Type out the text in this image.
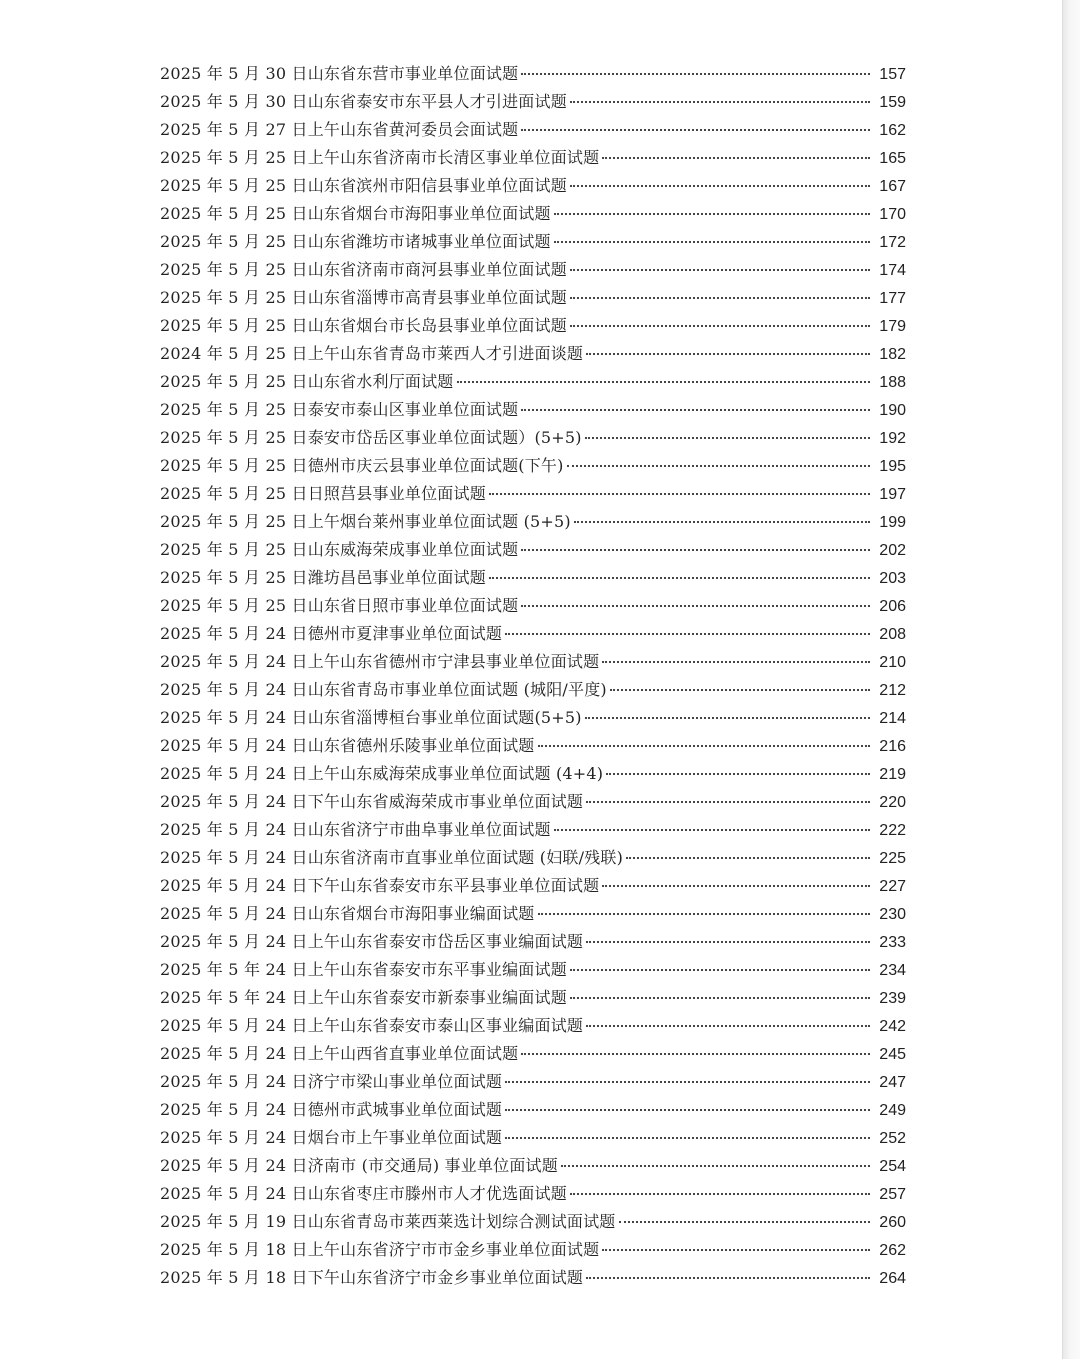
2025 年 5 月 30 日山东省东营市事业单位面试题	157
2025 年 5 月 30 日山东省泰安市东平县人才引进面试题	159
2025 年 5 月 27 日上午山东省黄河委员会面试题	162
2025 年 5 月 25 日上午山东省济南市长清区事业单位面试题	165
2025 年 5 月 25 日山东省滨州市阳信县事业单位面试题	167
2025 年 5 月 25 日山东省烟台市海阳事业单位面试题	170
2025 年 5 月 25 日山东省潍坊市诸城事业单位面试题	172
2025 年 5 月 25 日山东省济南市商河县事业单位面试题	174
2025 年 5 月 25 日山东省淄博市高青县事业单位面试题	177
2025 年 5 月 25 日山东省烟台市长岛县事业单位面试题	179
2024 年 5 月 25 日上午山东省青岛市莱西人才引进面谈题	182
2025 年 5 月 25 日山东省水利厅面试题	188
2025 年 5 月 25 日泰安市泰山区事业单位面试题	190
2025 年 5 月 25 日泰安市岱岳区事业单位面试题）(5+5)	192
2025 年 5 月 25 日德州市庆云县事业单位面试题(下午)	195
2025 年 5 月 25 日日照莒县事业单位面试题	197
2025 年 5 月 25 日上午烟台莱州事业单位面试题 (5+5)	199
2025 年 5 月 25 日山东威海荣成事业单位面试题	202
2025 年 5 月 25 日潍坊昌邑事业单位面试题	203
2025 年 5 月 25 日山东省日照市事业单位面试题	206
2025 年 5 月 24 日德州市夏津事业单位面试题	208
2025 年 5 月 24 日上午山东省德州市宁津县事业单位面试题	210
2025 年 5 月 24 日山东省青岛市事业单位面试题 (城阳/平度)	212
2025 年 5 月 24 日山东省淄博桓台事业单位面试题(5+5)	214
2025 年 5 月 24 日山东省德州乐陵事业单位面试题	216
2025 年 5 月 24 日上午山东威海荣成事业单位面试题 (4+4)	219
2025 年 5 月 24 日下午山东省威海荣成市事业单位面试题	220
2025 年 5 月 24 日山东省济宁市曲阜事业单位面试题	222
2025 年 5 月 24 日山东省济南市直事业单位面试题 (妇联/残联)	225
2025 年 5 月 24 日下午山东省泰安市东平县事业单位面试题	227
2025 年 5 月 24 日山东省烟台市海阳事业编面试题	230
2025 年 5 月 24 日上午山东省泰安市岱岳区事业编面试题	233
2025 年 5 年 24 日上午山东省泰安市东平事业编面试题	234
2025 年 5 年 24 日上午山东省泰安市新泰事业编面试题	239
2025 年 5 月 24 日上午山东省泰安市泰山区事业编面试题	242
2025 年 5 月 24 日上午山西省直事业单位面试题	245
2025 年 5 月 24 日济宁市梁山事业单位面试题	247
2025 年 5 月 24 日德州市武城事业单位面试题	249
2025 年 5 月 24 日烟台市上午事业单位面试题	252
2025 年 5 月 24 日济南市 (市交通局) 事业单位面试题	254
2025 年 5 月 24 日山东省枣庄市滕州市人才优选面试题	257
2025 年 5 月 19 日山东省青岛市莱西莱选计划综合测试面试题	260
2025 年 5 月 18 日上午山东省济宁市市金乡事业单位面试题	262
2025 年 5 月 18 日下午山东省济宁市金乡事业单位面试题	264
